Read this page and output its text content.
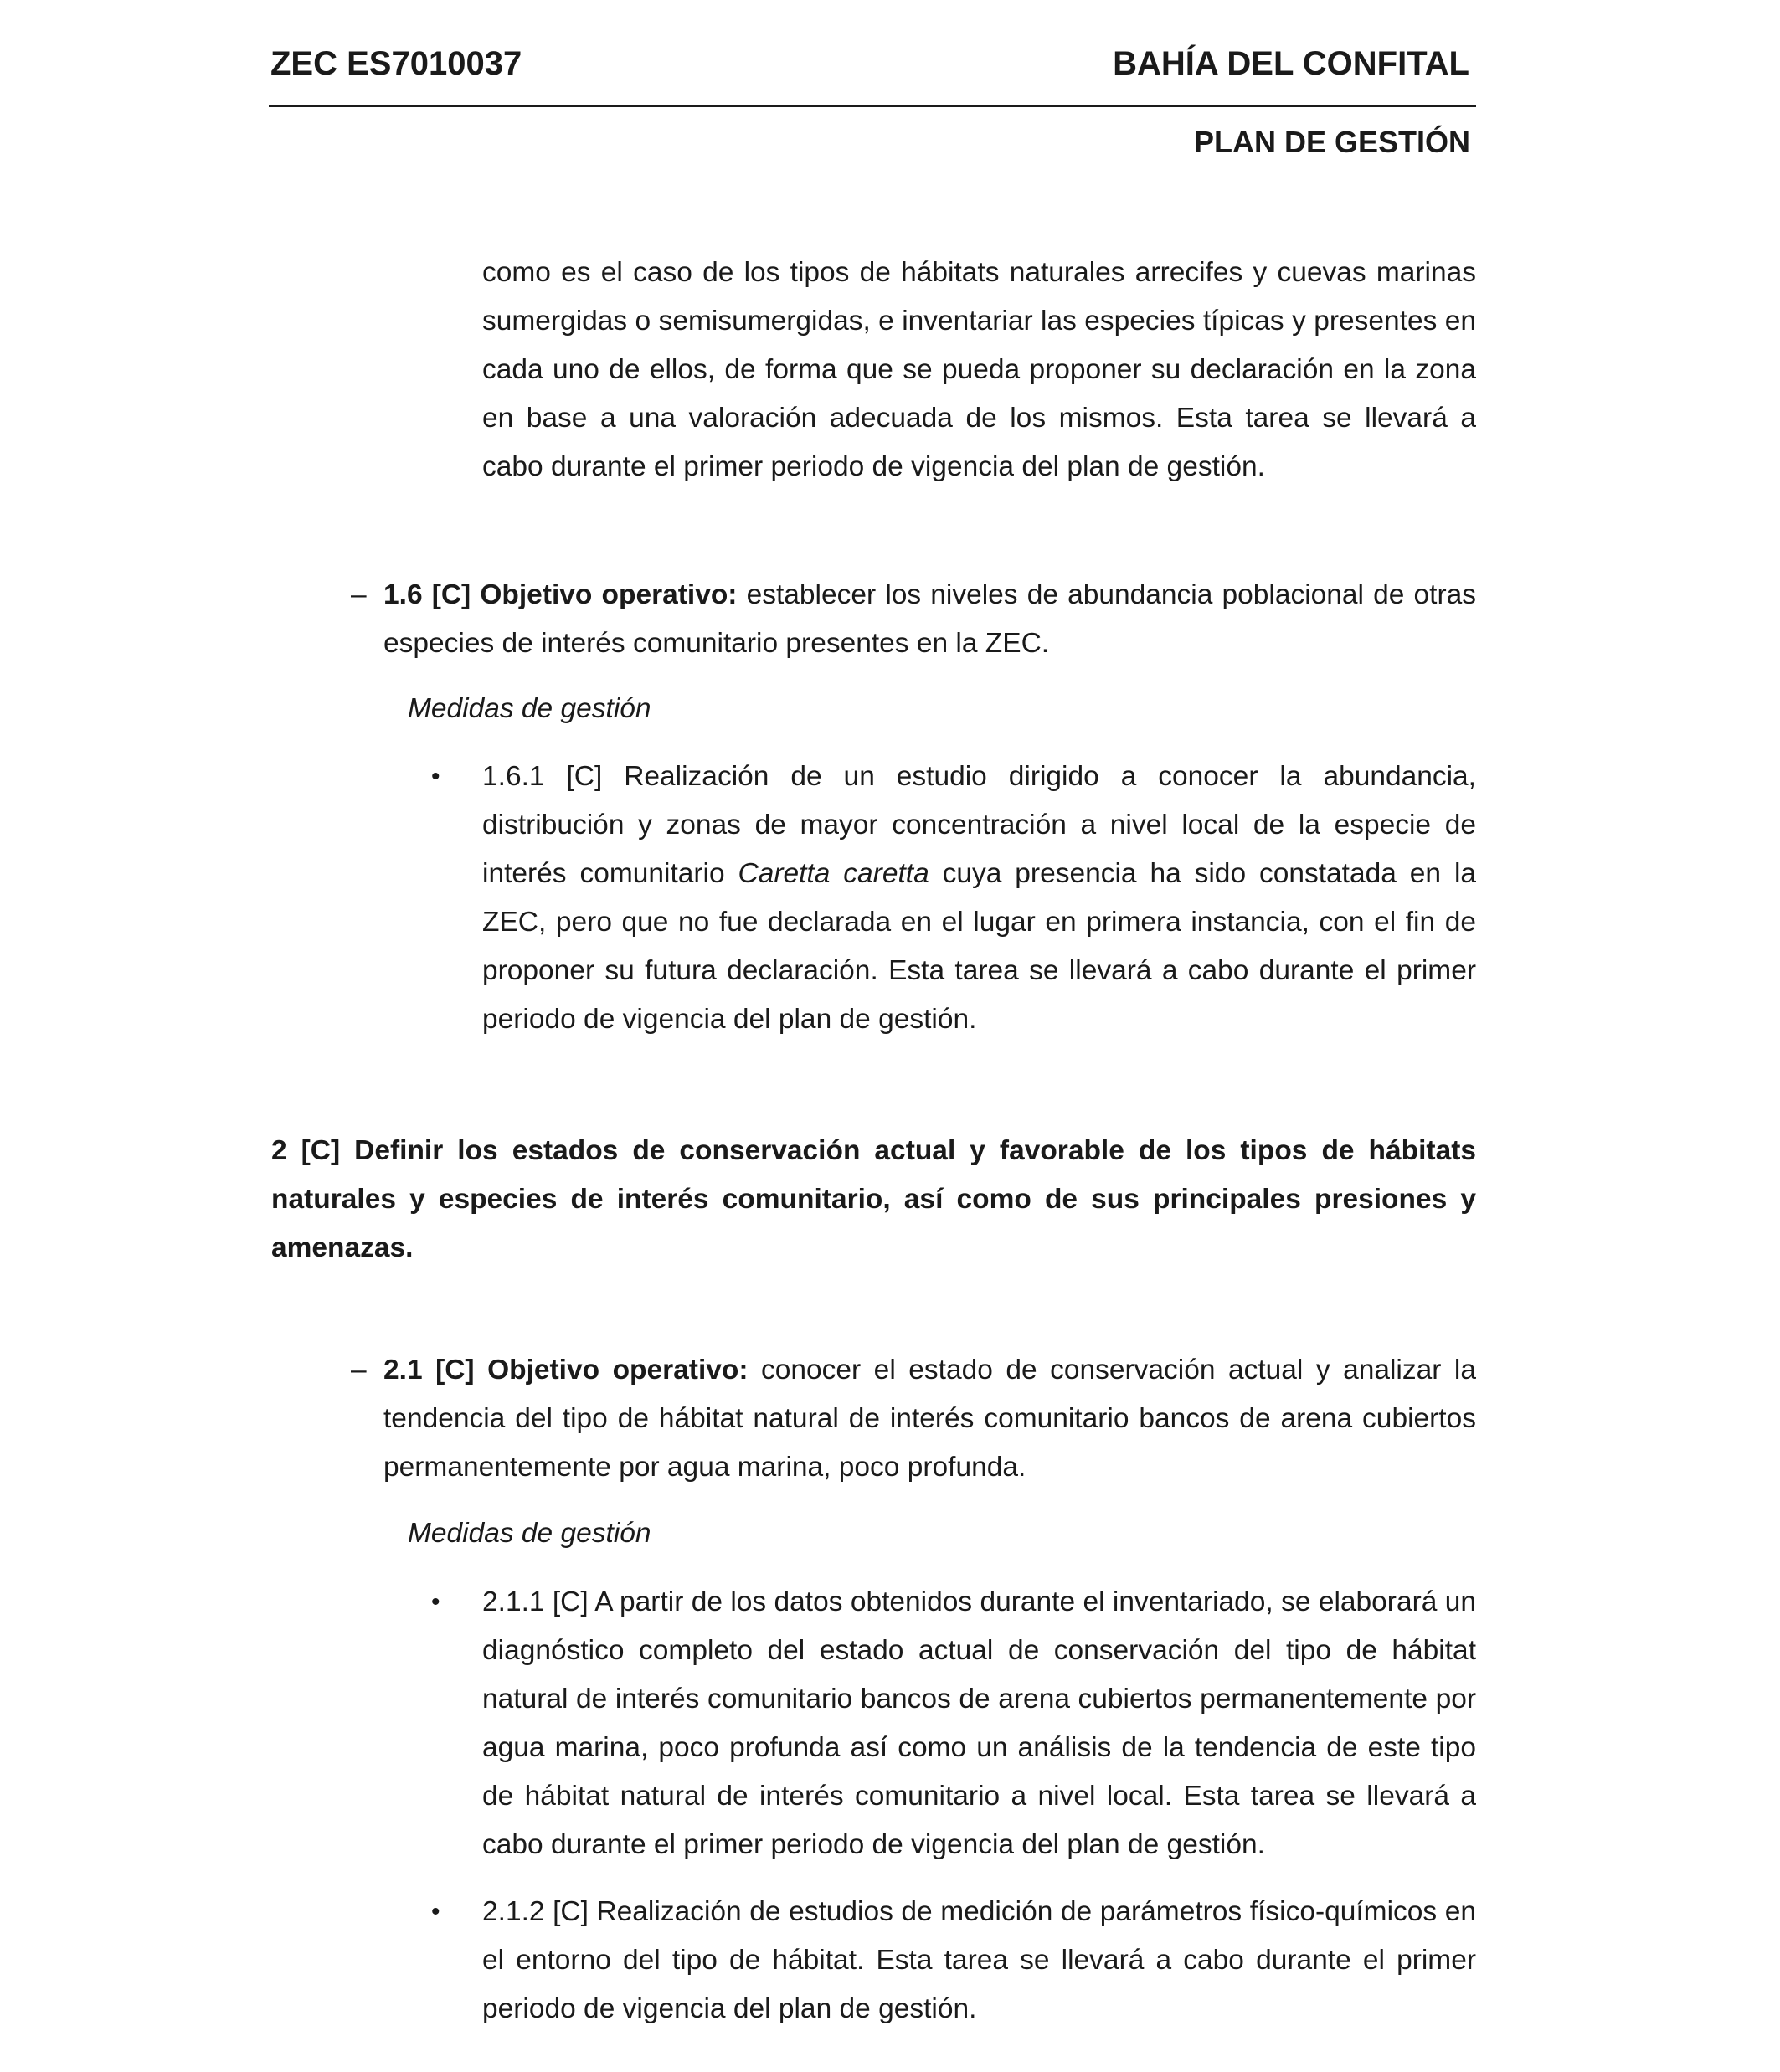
ZEC ES7010037	BAHÍA DEL CONFITAL
PLAN DE GESTIÓN

como es el caso de los tipos de hábitats naturales arrecifes y cuevas marinas sumergidas o semisumergidas, e inventariar las especies típicas y presentes en cada uno de ellos, de forma que se pueda proponer su declaración en la zona en base a una valoración adecuada de los mismos. Esta tarea se llevará a cabo durante el primer periodo de vigencia del plan de gestión.

– 1.6 [C] Objetivo operativo: establecer los niveles de abundancia poblacional de otras especies de interés comunitario presentes en la ZEC.

Medidas de gestión
• 1.6.1 [C] Realización de un estudio dirigido a conocer la abundancia, distribución y zonas de mayor concentración a nivel local de la especie de interés comunitario Caretta caretta cuya presencia ha sido constatada en la ZEC, pero que no fue declarada en el lugar en primera instancia, con el fin de proponer su futura declaración. Esta tarea se llevará a cabo durante el primer periodo de vigencia del plan de gestión.

2 [C] Definir los estados de conservación actual y favorable de los tipos de hábitats naturales y especies de interés comunitario, así como de sus principales presiones y amenazas.

– 2.1 [C] Objetivo operativo: conocer el estado de conservación actual y analizar la tendencia del tipo de hábitat natural de interés comunitario bancos de arena cubiertos permanentemente por agua marina, poco profunda.

Medidas de gestión
• 2.1.1 [C] A partir de los datos obtenidos durante el inventariado, se elaborará un diagnóstico completo del estado actual de conservación del tipo de hábitat natural de interés comunitario bancos de arena cubiertos permanentemente por agua marina, poco profunda así como un análisis de la tendencia de este tipo de hábitat natural de interés comunitario a nivel local. Esta tarea se llevará a cabo durante el primer periodo de vigencia del plan de gestión.

• 2.1.2 [C] Realización de estudios de medición de parámetros físico-químicos en el entorno del tipo de hábitat. Esta tarea se llevará a cabo durante el primer periodo de vigencia del plan de gestión.
